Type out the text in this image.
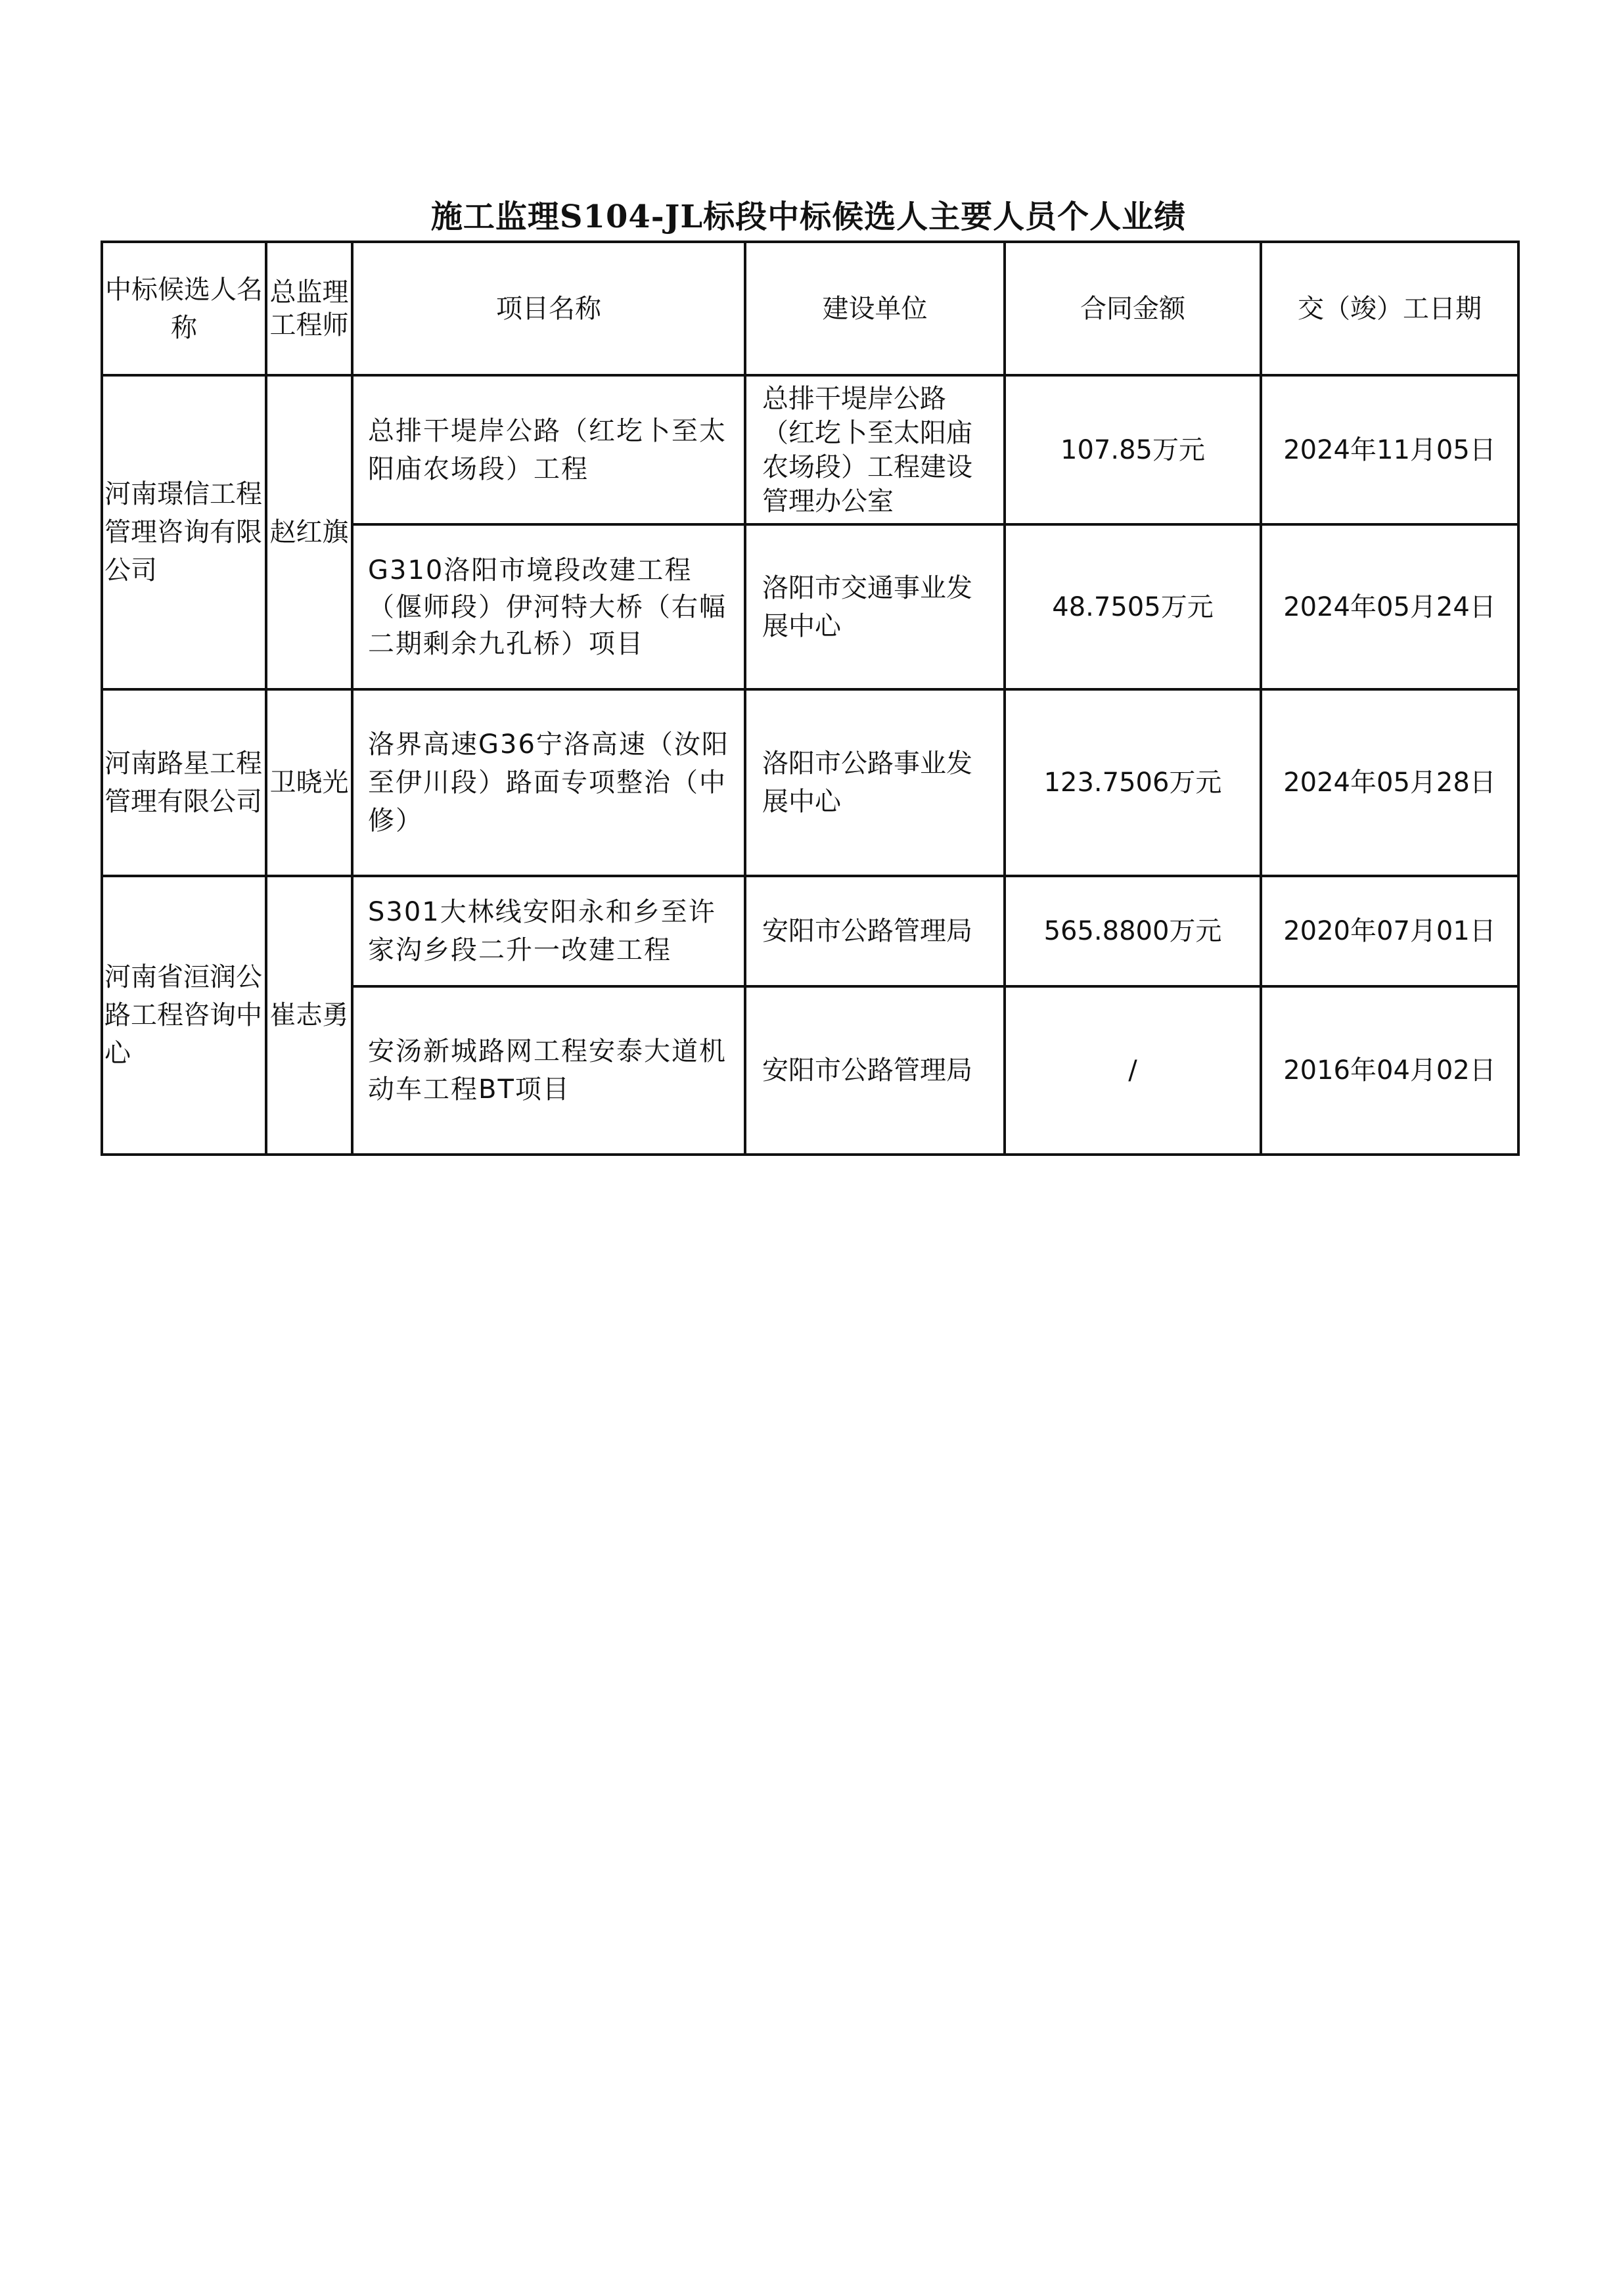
施工监理S104-JL标段中标候选人主要人员个人业绩
中标候选人名称	总监理工程师	项目名称	建设单位	合同金额	交（竣）工日期
河南璟信工程管理咨询有限公司	赵红旗	总排干堤岸公路（红圪卜至太阳庙农场段）工程	总排干堤岸公路（红圪卜至太阳庙农场段）工程建设管理办公室	107.85万元	2024年11月05日
		G310洛阳市境段改建工程（偃师段）伊河特大桥（右幅二期剩余九孔桥）项目	洛阳市交通事业发展中心	48.7505万元	2024年05月24日
河南路星工程管理有限公司	卫晓光	洛界高速G36宁洛高速（汝阳至伊川段）路面专项整治（中修）	洛阳市公路事业发展中心	123.7506万元	2024年05月28日
河南省洹润公路工程咨询中心	崔志勇	S301大林线安阳永和乡至许家沟乡段二升一改建工程	安阳市公路管理局	565.8800万元	2020年07月01日
		安汤新城路网工程安泰大道机动车工程BT项目	安阳市公路管理局	/	2016年04月02日
